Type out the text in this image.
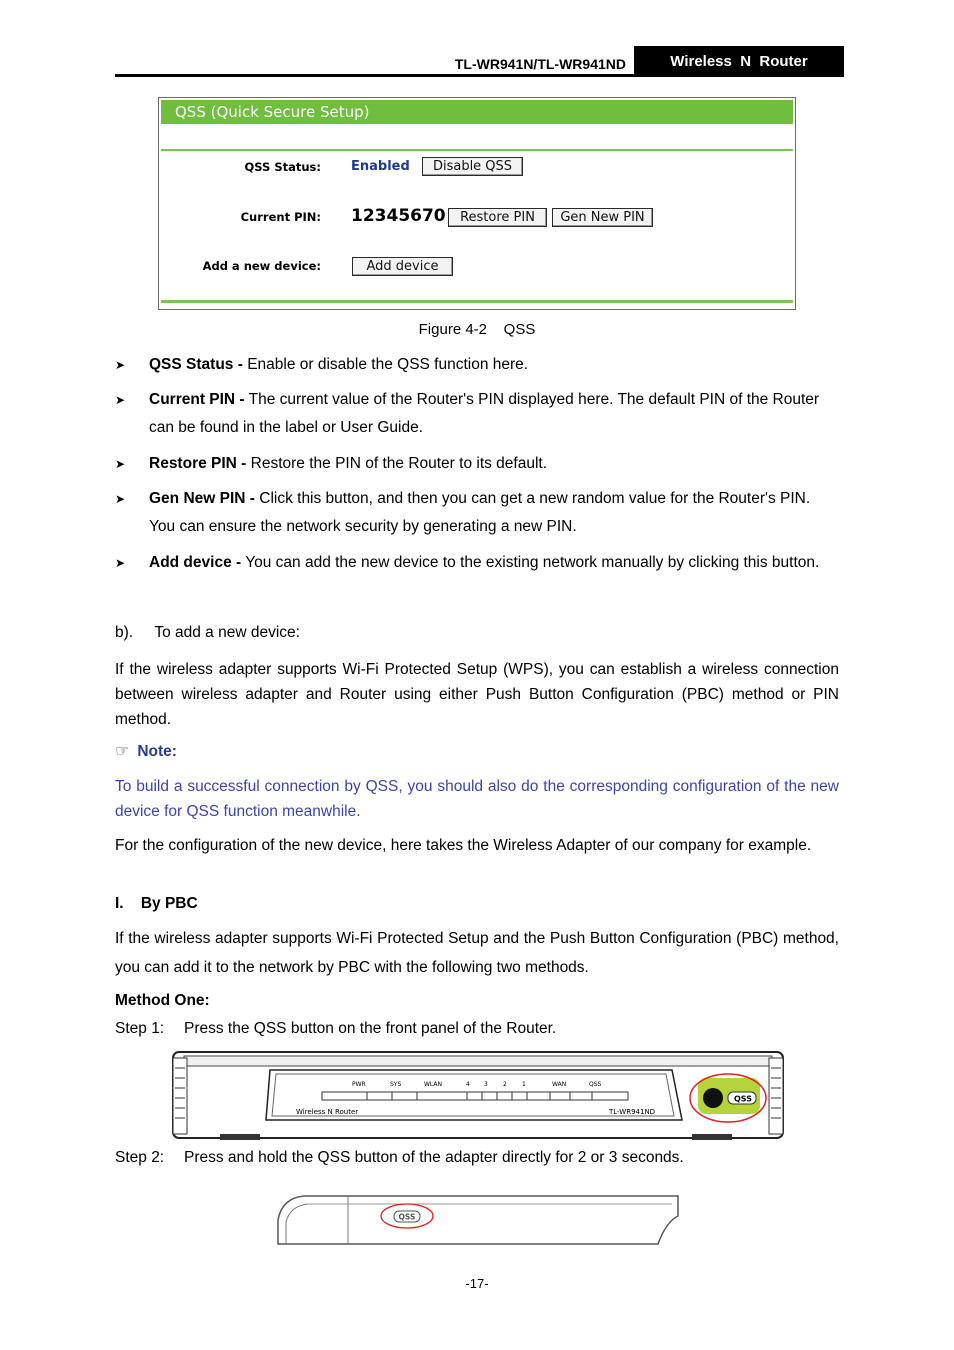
TL-WR941N/TL-WR941ND	Wireless  N  Router
QSS (Quick Secure Setup)
QSS Status: Enabled	Disable QSS
Current PIN: 12345670	Restore PIN	Gen New PIN
Add a new device:	Add device
Figure 4-2    QSS
➤ QSS Status - Enable or disable the QSS function here.
➤ Current PIN - The current value of the Router's PIN displayed here. The default PIN of the Router can be found in the label or User Guide.
➤ Restore PIN - Restore the PIN of the Router to its default.
➤ Gen New PIN - Click this button, and then you can get a new random value for the Router's PIN. You can ensure the network security by generating a new PIN.
➤ Add device - You can add the new device to the existing network manually by clicking this button.
b).     To add a new device:
If the wireless adapter supports Wi-Fi Protected Setup (WPS), you can establish a wireless connection between wireless adapter and Router using either Push Button Configuration (PBC) method or PIN method.
☞ Note:
To build a successful connection by QSS, you should also do the corresponding configuration of the new device for QSS function meanwhile.
For the configuration of the new device, here takes the Wireless Adapter of our company for example.
I.    By PBC
If the wireless adapter supports Wi-Fi Protected Setup and the Push Button Configuration (PBC) method, you can add it to the network by PBC with the following two methods.
Method One:
Step 1: Press the QSS button on the front panel of the Router.
PWR	SYS	WLAN	4 3	2	1	WAN	QSS
Wireless N Router	TL-WR941ND
QSS
Step 2: Press and hold the QSS button of the adapter directly for 2 or 3 seconds.
QSS
-17-
